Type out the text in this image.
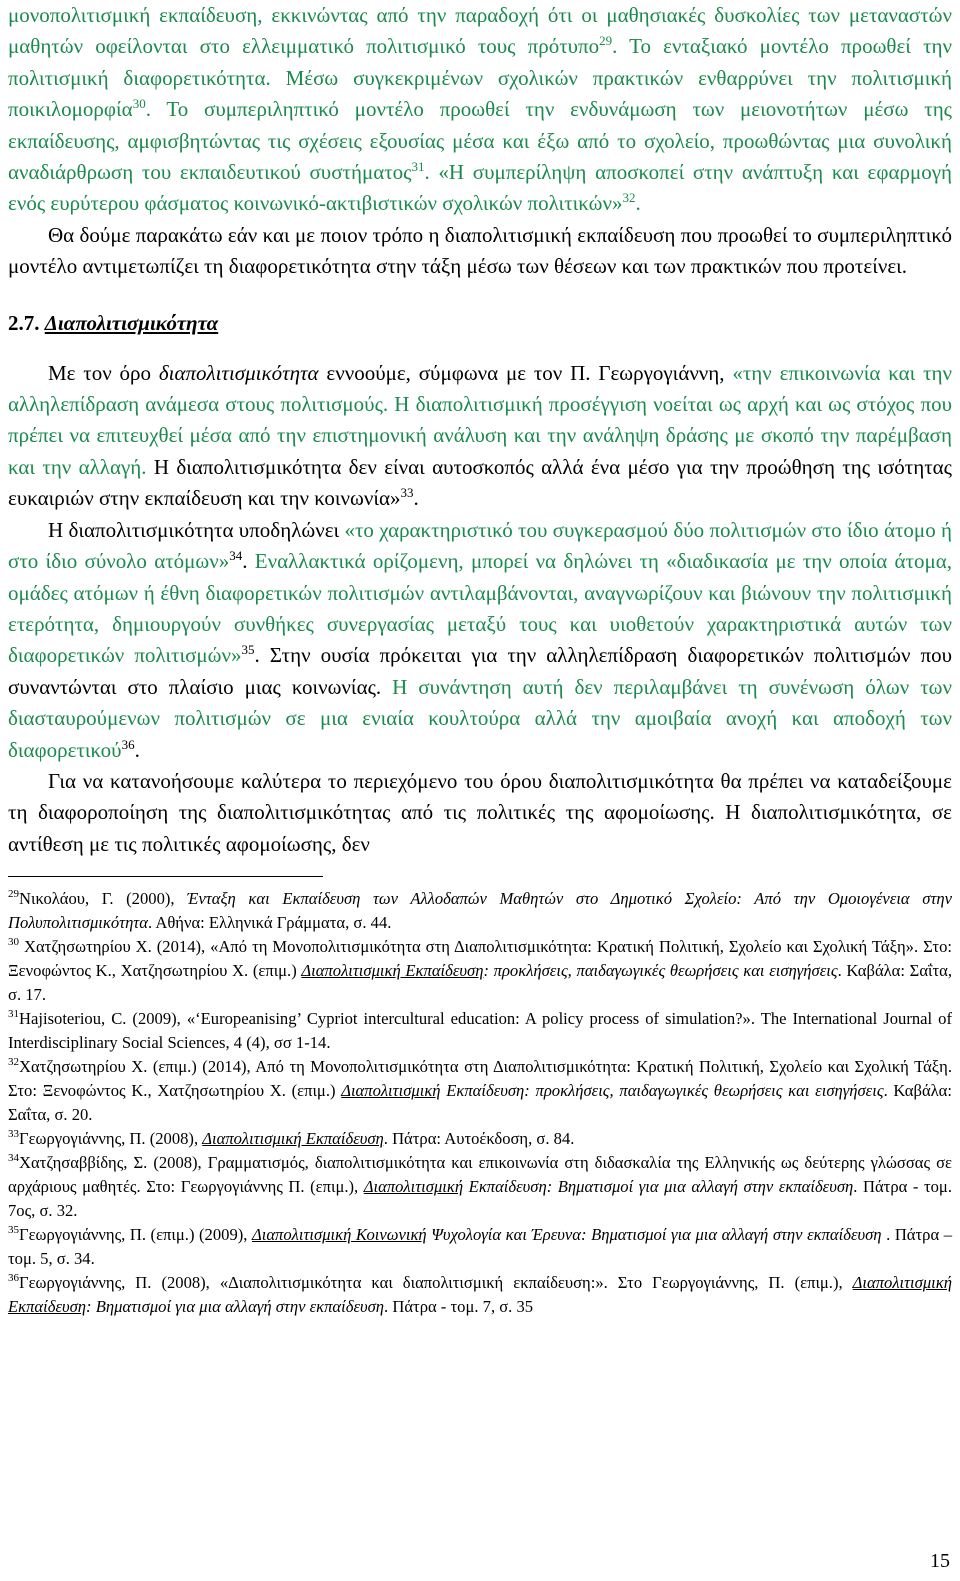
μονοπολιτισμική εκπαίδευση, εκκινώντας από την παραδοχή ότι οι μαθησιακές δυσκολίες των μεταναστών μαθητών οφείλονται στο ελλειμματικό πολιτισμικό τους πρότυπο$^{29}$. Το ενταξιακό μοντέλο προωθεί την πολιτισμική διαφορετικότητα. Μέσω συγκεκριμένων σχολικών πρακτικών ενθαρρύνει την πολιτισμική ποικιλομορφία$^{30}$. Το συμπεριληπτικό μοντέλο προωθεί την ενδυνάμωση των μειονοτήτων μέσω της εκπαίδευσης, αμφισβητώντας τις σχέσεις εξουσίας μέσα και έξω από το σχολείο, προωθώντας μια συνολική αναδιάρθρωση του εκπαιδευτικού συστήματος$^{31}$. «Η συμπερίληψη αποσκοπεί στην ανάπτυξη και εφαρμογή ενός ευρύτερου φάσματος κοινωνικό-ακτιβιστικών σχολικών πολιτικών»$^{32}$.

Θα δούμε παρακάτω εάν και με ποιον τρόπο η διαπολιτισμική εκπαίδευση που προωθεί το συμπεριληπτικό μοντέλο αντιμετωπίζει τη διαφορετικότητα στην τάξη μέσω των θέσεων και των πρακτικών που προτείνει.

2.7. Διαπολιτισμικότητα

Με τον όρο διαπολιτισμικότητα εννοούμε, σύμφωνα με τον Π. Γεωργογιάννη, «την επικοινωνία και την αλληλεπίδραση ανάμεσα στους πολιτισμούς. Η διαπολιτισμική προσέγγιση νοείται ως αρχή και ως στόχος που πρέπει να επιτευχθεί μέσα από την επιστημονική ανάλυση και την ανάληψη δράσης με σκοπό την παρέμβαση και την αλλαγή. Η διαπολιτισμικότητα δεν είναι αυτοσκοπός αλλά ένα μέσο για την προώθηση της ισότητας ευκαιριών στην εκπαίδευση και την κοινωνία»$^{33}$.

Η διαπολιτισμικότητα υποδηλώνει «το χαρακτηριστικό του συγκερασμού δύο πολιτισμών στο ίδιο άτομο ή στο ίδιο σύνολο ατόμων»$^{34}$. Εναλλακτικά ορίζομενη, μπορεί να δηλώνει τη «διαδικασία με την οποία άτομα, ομάδες ατόμων ή έθνη διαφορετικών πολιτισμών αντιλαμβάνονται, αναγνωρίζουν και βιώνουν την πολιτισμική ετερότητα, δημιουργούν συνθήκες συνεργασίας μεταξύ τους και υιοθετούν χαρακτηριστικά αυτών των διαφορετικών πολιτισμών»$^{35}$. Στην ουσία πρόκειται για την αλληλεπίδραση διαφορετικών πολιτισμών που συναντώνται στο πλαίσιο μιας κοινωνίας. Η συνάντηση αυτή δεν περιλαμβάνει τη συνένωση όλων των διασταυρούμενων πολιτισμών σε μια ενιαία κουλτούρα αλλά την αμοιβαία ανοχή και αποδοχή των διαφορετικού$^{36}$.

Για να κατανοήσουμε καλύτερα το περιεχόμενο του όρου διαπολιτισμικότητα θα πρέπει να καταδείξουμε τη διαφοροποίηση της διαπολιτισμικότητας από τις πολιτικές της αφομοίωσης. Η διαπολιτισμικότητα, σε αντίθεση με τις πολιτικές αφομοίωσης, δεν

$^{29}$Νικολάου, Γ. (2000), Ένταξη και Εκπαίδευση των Αλλοδαπών Μαθητών στο Δημοτικό Σχολείο: Από την Ομοιογένεια στην Πολυπολιτισμικότητα. Αθήνα: Ελληνικά Γράμματα, σ. 44.

$^{30}$ Χατζησωτηρίου Χ. (2014), «Από τη Μονοπολιτισμικότητα στη Διαπολιτισμικότητα: Κρατική Πολιτική, Σχολείο και Σχολική Τάξη». Στο: Ξενοφώντος Κ., Χατζησωτηρίου Χ. (επιμ.) Διαπολιτισμική Εκπαίδευση: προκλήσεις, παιδαγωγικές θεωρήσεις και εισηγήσεις. Καβάλα: Σαΐτα, σ. 17.

$^{31}$Hajisoteriou, C. (2009), «‘Europeanising’ Cypriot intercultural education: A policy process of simulation?». The International Journal of Interdisciplinary Social Sciences, 4 (4), σσ 1-14.

$^{32}$Χατζησωτηρίου Χ. (επιμ.) (2014), Από τη Μονοπολιτισμικότητα στη Διαπολιτισμικότητα: Κρατική Πολιτική, Σχολείο και Σχολική Τάξη. Στο: Ξενοφώντος Κ., Χατζησωτηρίου Χ. (επιμ.) Διαπολιτισμική Εκπαίδευση: προκλήσεις, παιδαγωγικές θεωρήσεις και εισηγήσεις. Καβάλα: Σαΐτα, σ. 20.

$^{33}$Γεωργογιάννης, Π. (2008), Διαπολιτισμική Εκπαίδευση. Πάτρα: Αυτοέκδοση, σ. 84.

$^{34}$Χατζησαββίδης, Σ. (2008), Γραμματισμός, διαπολιτισμικότητα και επικοινωνία στη διδασκαλία της Ελληνικής ως δεύτερης γλώσσας σε αρχάριους μαθητές. Στο: Γεωργογιάννης Π. (επιμ.), Διαπολιτισμική Εκπαίδευση: Βηματισμοί για μια αλλαγή στην εκπαίδευση. Πάτρα - τομ. 7ος, σ. 32.

$^{35}$Γεωργογιάννης, Π. (επιμ.) (2009), Διαπολιτισμική Κοινωνική Ψυχολογία και Έρευνα: Βηματισμοί για μια αλλαγή στην εκπαίδευση . Πάτρα – τομ. 5, σ. 34.

$^{36}$Γεωργογιάννης, Π. (2008), «Διαπολιτισμικότητα και διαπολιτισμική εκπαίδευση:». Στο Γεωργογιάννης, Π. (επιμ.), Διαπολιτισμική Εκπαίδευση: Βηματισμοί για μια αλλαγή στην εκπαίδευση. Πάτρα - τομ. 7, σ. 35

15
